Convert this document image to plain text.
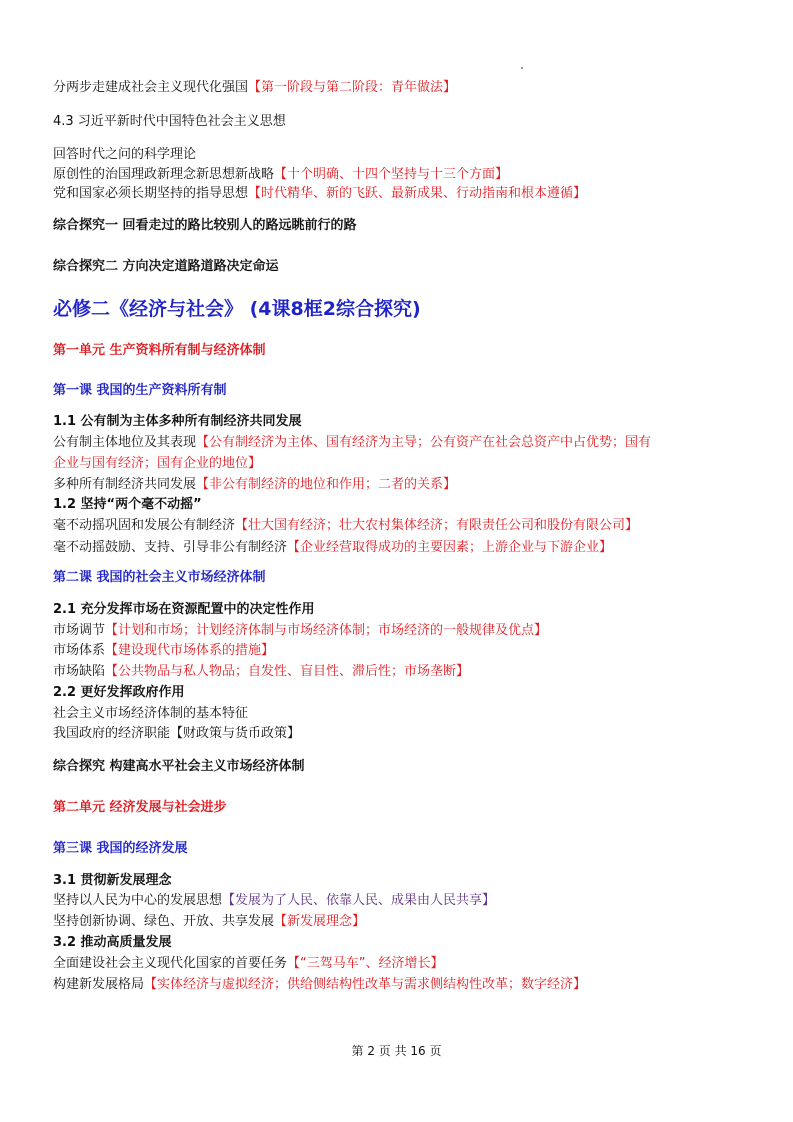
分两步走建成社会主义现代化强国【第一阶段与第二阶段：青年做法】
4.3 习近平新时代中国特色社会主义思想
回答时代之问的科学理论
原创性的治国理政新理念新思想新战略【十个明确、十四个坚持与十三个方面】
党和国家必须长期坚持的指导思想【时代精华、新的飞跃、最新成果、行动指南和根本遵循】
综合探究一 回看走过的路比较别人的路远眺前行的路
综合探究二 方向决定道路道路决定命运
必修二《经济与社会》 (4课8框2综合探究)
第一单元 生产资料所有制与经济体制
第一课 我国的生产资料所有制
1.1 公有制为主体多种所有制经济共同发展
公有制主体地位及其表现【公有制经济为主体、国有经济为主导；公有资产在社会总资产中占优势；国有
企业与国有经济；国有企业的地位】
多种所有制经济共同发展【非公有制经济的地位和作用；二者的关系】
1.2 坚持“两个毫不动摇”
毫不动摇巩固和发展公有制经济【壮大国有经济；壮大农村集体经济；有限责任公司和股份有限公司】
毫不动摇鼓励、支持、引导非公有制经济【企业经营取得成功的主要因素；上游企业与下游企业】
第二课 我国的社会主义市场经济体制
2.1 充分发挥市场在资源配置中的决定性作用
市场调节【计划和市场；计划经济体制与市场经济体制；市场经济的一般规律及优点】
市场体系【建设现代市场体系的措施】
市场缺陷【公共物品与私人物品；自发性、盲目性、滞后性；市场垄断】
2.2 更好发挥政府作用
社会主义市场经济体制的基本特征
我国政府的经济职能【财政策与货币政策】
综合探究 构建高水平社会主义市场经济体制
第二单元 经济发展与社会进步
第三课 我国的经济发展
3.1 贯彻新发展理念
坚持以人民为中心的发展思想【发展为了人民、依靠人民、成果由人民共享】
坚持创新协调、绿色、开放、共享发展【新发展理念】
3.2 推动高质量发展
全面建设社会主义现代化国家的首要任务【“三驾马车”、经济增长】
构建新发展格局【实体经济与虚拟经济；供给侧结构性改革与需求侧结构性改革；数字经济】
第 2 页 共 16 页
